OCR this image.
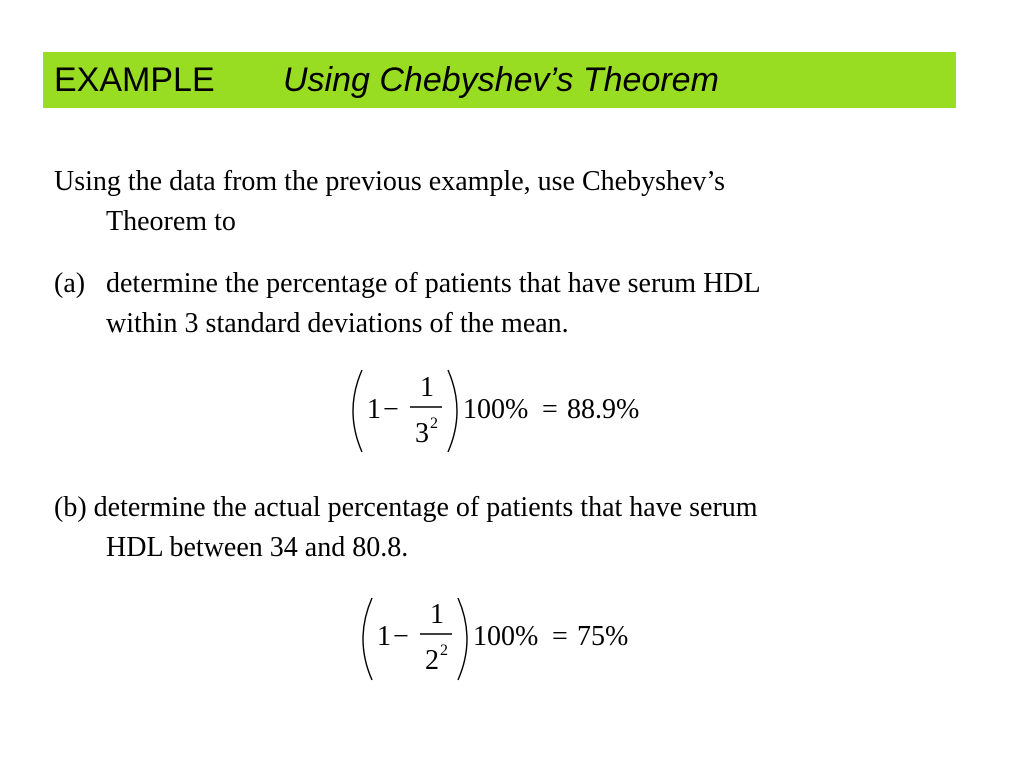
EXAMPLE Using Chebyshev’s Theorem
Using the data from the previous example, use Chebyshev’s
Theorem to
(a) determine the percentage of patients that have serum HDL
within 3 standard deviations of the mean.
1 −
1
3 2 100% = 88.9%
(b) determine the actual percentage of patients that have serum
HDL between 34 and 80.8.
1 −
1
2 2 100% = 75%
